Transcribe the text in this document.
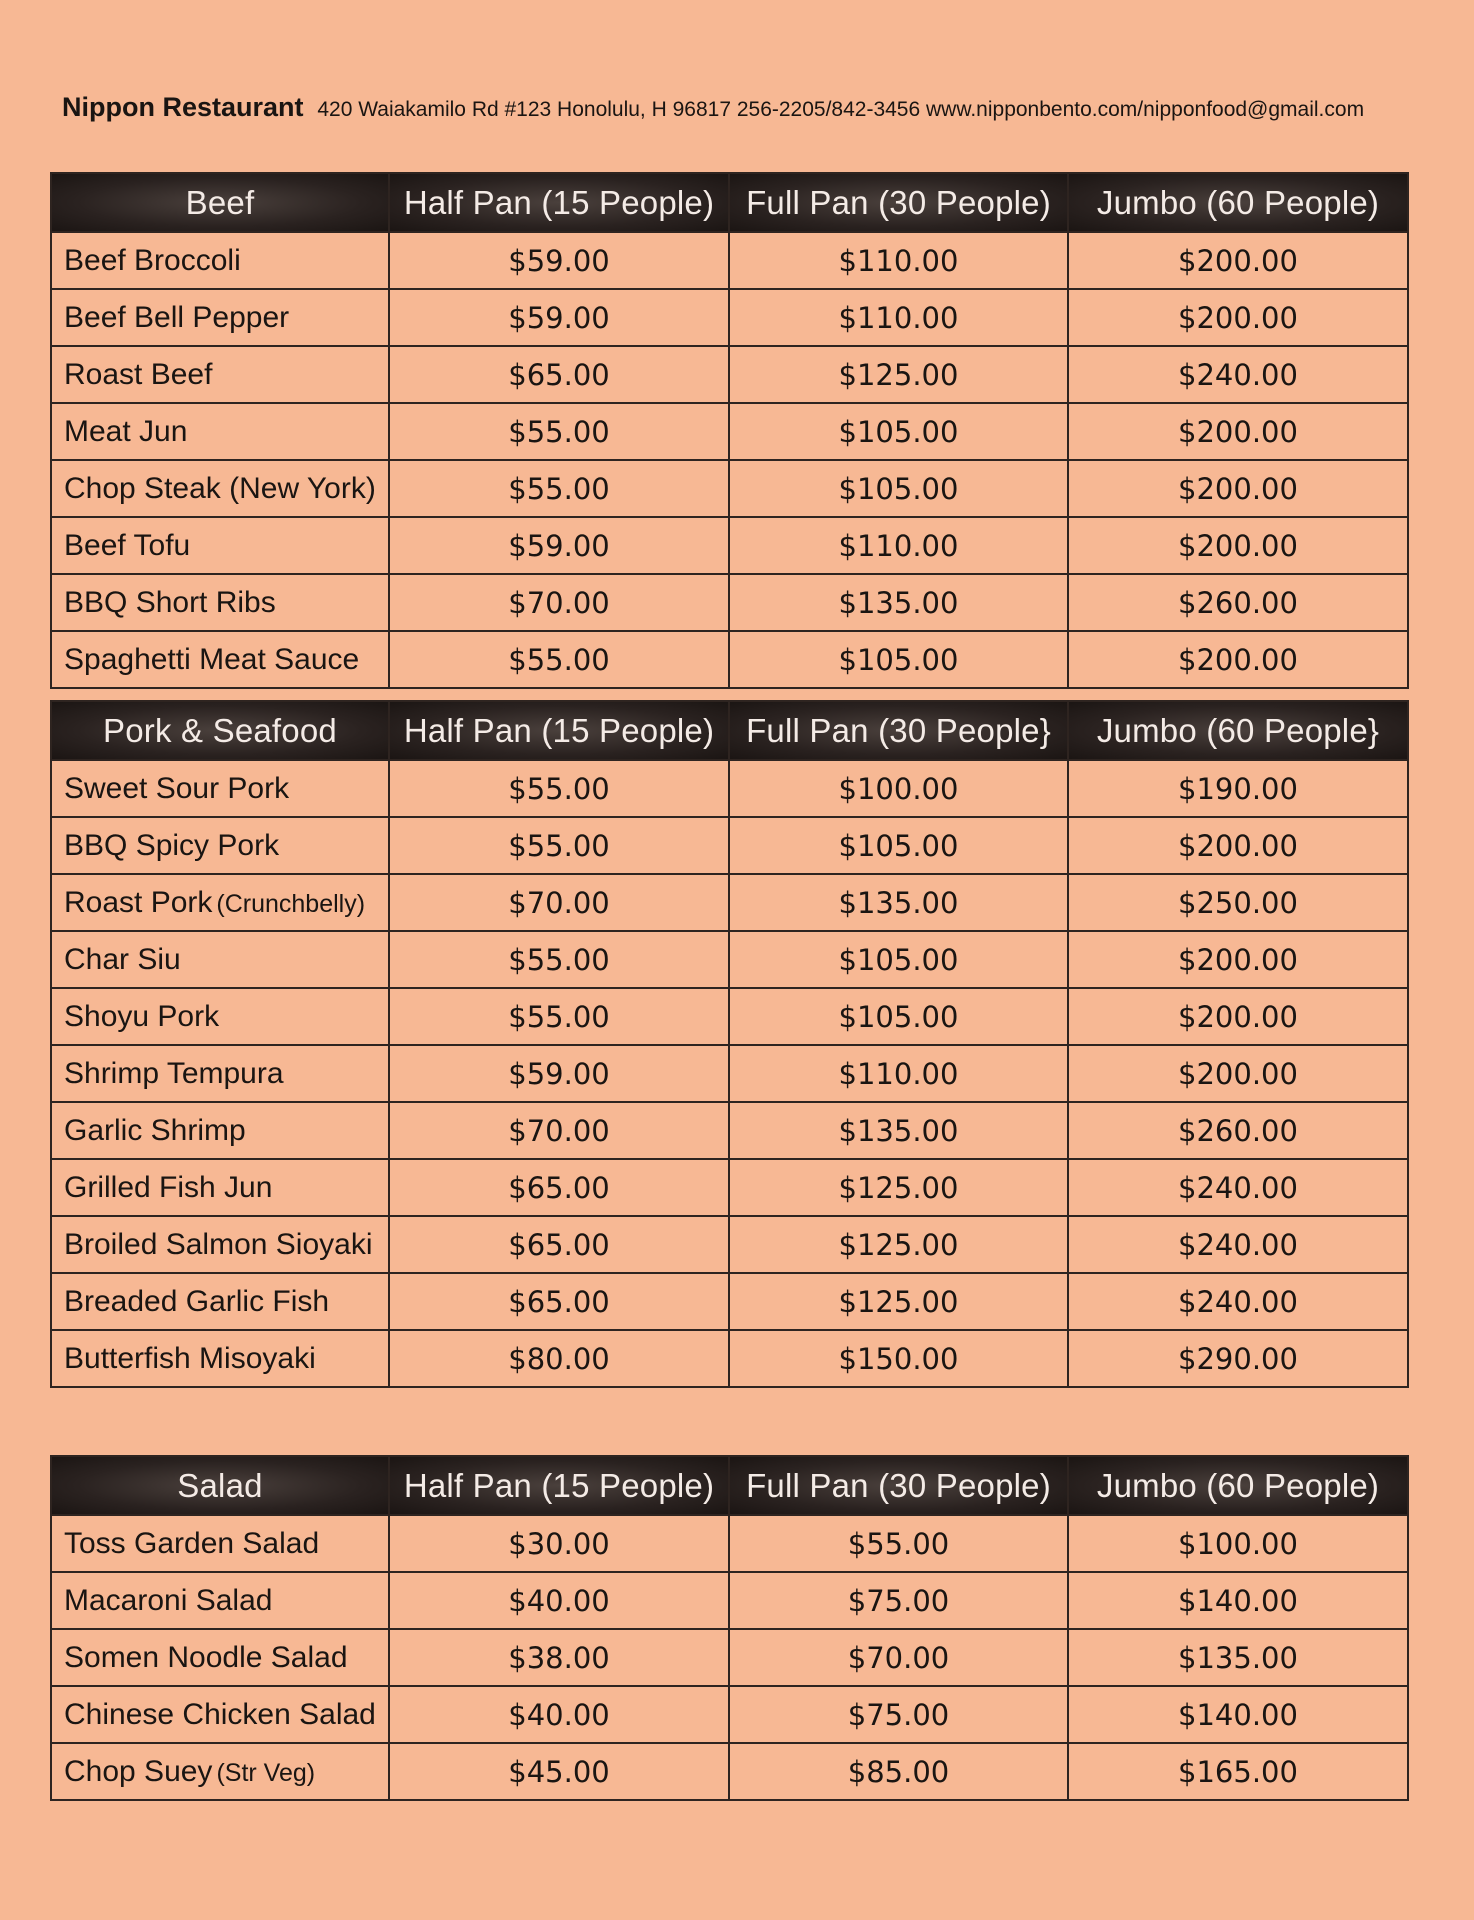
Nippon Restaurant 420 Waiakamilo Rd #123 Honolulu, H 96817 256-2205/842-3456 www.nipponbento.com/nipponfood@gmail.com
Beef	Half Pan (15 People)	Full Pan (30 People)	Jumbo (60 People)
Beef Broccoli	$59.00	$110.00	$200.00
Beef Bell Pepper	$59.00	$110.00	$200.00
Roast Beef	$65.00	$125.00	$240.00
Meat Jun	$55.00	$105.00	$200.00
Chop Steak (New York)	$55.00	$105.00	$200.00
Beef Tofu	$59.00	$110.00	$200.00
BBQ Short Ribs	$70.00	$135.00	$260.00
Spaghetti Meat Sauce	$55.00	$105.00	$200.00
Pork & Seafood	Half Pan (15 People)	Full Pan (30 People}	Jumbo (60 People}
Sweet Sour Pork	$55.00	$100.00	$190.00
BBQ Spicy Pork	$55.00	$105.00	$200.00
Roast Pork (Crunchbelly)	$70.00	$135.00	$250.00
Char Siu	$55.00	$105.00	$200.00
Shoyu Pork	$55.00	$105.00	$200.00
Shrimp Tempura	$59.00	$110.00	$200.00
Garlic Shrimp	$70.00	$135.00	$260.00
Grilled Fish Jun	$65.00	$125.00	$240.00
Broiled Salmon Sioyaki	$65.00	$125.00	$240.00
Breaded Garlic Fish	$65.00	$125.00	$240.00
Butterfish Misoyaki	$80.00	$150.00	$290.00
Salad	Half Pan (15 People)	Full Pan (30 People)	Jumbo (60 People)
Toss Garden Salad	$30.00	$55.00	$100.00
Macaroni Salad	$40.00	$75.00	$140.00
Somen Noodle Salad	$38.00	$70.00	$135.00
Chinese Chicken Salad	$40.00	$75.00	$140.00
Chop Suey (Str Veg)	$45.00	$85.00	$165.00
